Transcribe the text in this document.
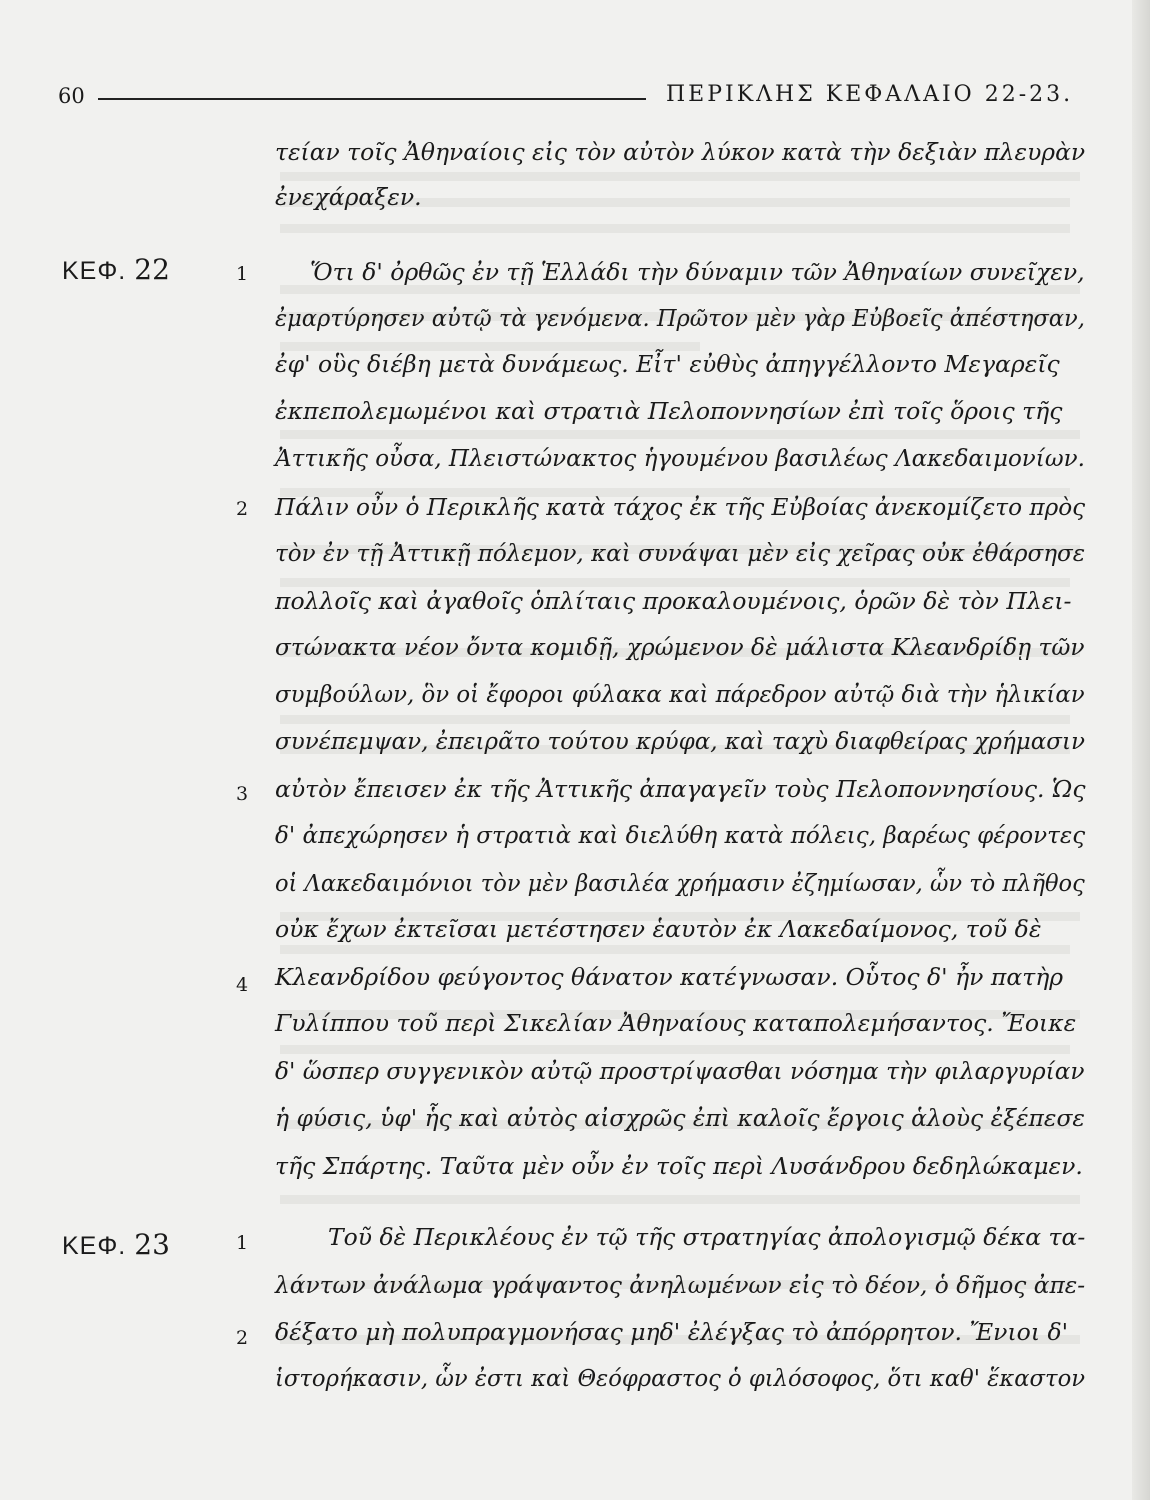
60	ΠΕΡΙΚΛΗΣ ΚΕΦΑΛΑΙΟ 22-23.
ΚΕΦ. 22
ΚΕΦ. 23
1
2
3
4
1
2
τείαν τοῖς Ἀθηναίοις εἰς τὸν αὐτὸν λύκον κατὰ τὴν δεξιὰν πλευρὰν
ἐνεχάραξεν.
Ὅτι δ' ὀρθῶς ἐν τῇ Ἑλλάδι τὴν δύναμιν τῶν Ἀθηναίων συνεῖχεν,
ἐμαρτύρησεν αὐτῷ τὰ γενόμενα. Πρῶτον μὲν γὰρ Εὐβοεῖς ἀπέστησαν,
ἐφ' οὓς διέβη μετὰ δυνάμεως. Εἶτ' εὐθὺς ἀπηγγέλλοντο Μεγαρεῖς
ἐκπεπολεμωμένοι καὶ στρατιὰ Πελοποννησίων ἐπὶ τοῖς ὅροις τῆς
Ἀττικῆς οὖσα, Πλειστώνακτος ἡγουμένου βασιλέως Λακεδαιμονίων.
Πάλιν οὖν ὁ Περικλῆς κατὰ τάχος ἐκ τῆς Εὐβοίας ἀνεκομίζετο πρὸς
τὸν ἐν τῇ Ἀττικῇ πόλεμον, καὶ συνάψαι μὲν εἰς χεῖρας οὐκ ἐθάρσησε
πολλοῖς καὶ ἀγαθοῖς ὁπλίταις προκαλουμένοις, ὁρῶν δὲ τὸν Πλει-
στώνακτα νέον ὄντα κομιδῇ, χρώμενον δὲ μάλιστα Κλεανδρίδῃ τῶν
συμβούλων, ὃν οἱ ἔφοροι φύλακα καὶ πάρεδρον αὐτῷ διὰ τὴν ἡλικίαν
συνέπεμψαν, ἐπειρᾶτο τούτου κρύφα, καὶ ταχὺ διαφθείρας χρήμασιν
αὐτὸν ἔπεισεν ἐκ τῆς Ἀττικῆς ἀπαγαγεῖν τοὺς Πελοποννησίους. Ὡς
δ' ἀπεχώρησεν ἡ στρατιὰ καὶ διελύθη κατὰ πόλεις, βαρέως φέροντες
οἱ Λακεδαιμόνιοι τὸν μὲν βασιλέα χρήμασιν ἐζημίωσαν, ὧν τὸ πλῆθος
οὐκ ἔχων ἐκτεῖσαι μετέστησεν ἑαυτὸν ἐκ Λακεδαίμονος, τοῦ δὲ
Κλεανδρίδου φεύγοντος θάνατον κατέγνωσαν. Οὗτος δ' ἦν πατὴρ
Γυλίππου τοῦ περὶ Σικελίαν Ἀθηναίους καταπολεμήσαντος. Ἔοικε
δ' ὥσπερ συγγενικὸν αὐτῷ προστρίψασθαι νόσημα τὴν φιλαργυρίαν
ἡ φύσις, ὑφ' ἧς καὶ αὐτὸς αἰσχρῶς ἐπὶ καλοῖς ἔργοις ἁλοὺς ἐξέπεσε
τῆς Σπάρτης. Ταῦτα μὲν οὖν ἐν τοῖς περὶ Λυσάνδρου δεδηλώκαμεν.
Τοῦ δὲ Περικλέους ἐν τῷ τῆς στρατηγίας ἀπολογισμῷ δέκα τα-
λάντων ἀνάλωμα γράψαντος ἀνηλωμένων εἰς τὸ δέον, ὁ δῆμος ἀπε-
δέξατο μὴ πολυπραγμονήσας μηδ' ἐλέγξας τὸ ἀπόρρητον. Ἔνιοι δ'
ἱστορήκασιν, ὧν ἐστι καὶ Θεόφραστος ὁ φιλόσοφος, ὅτι καθ' ἕκαστον
